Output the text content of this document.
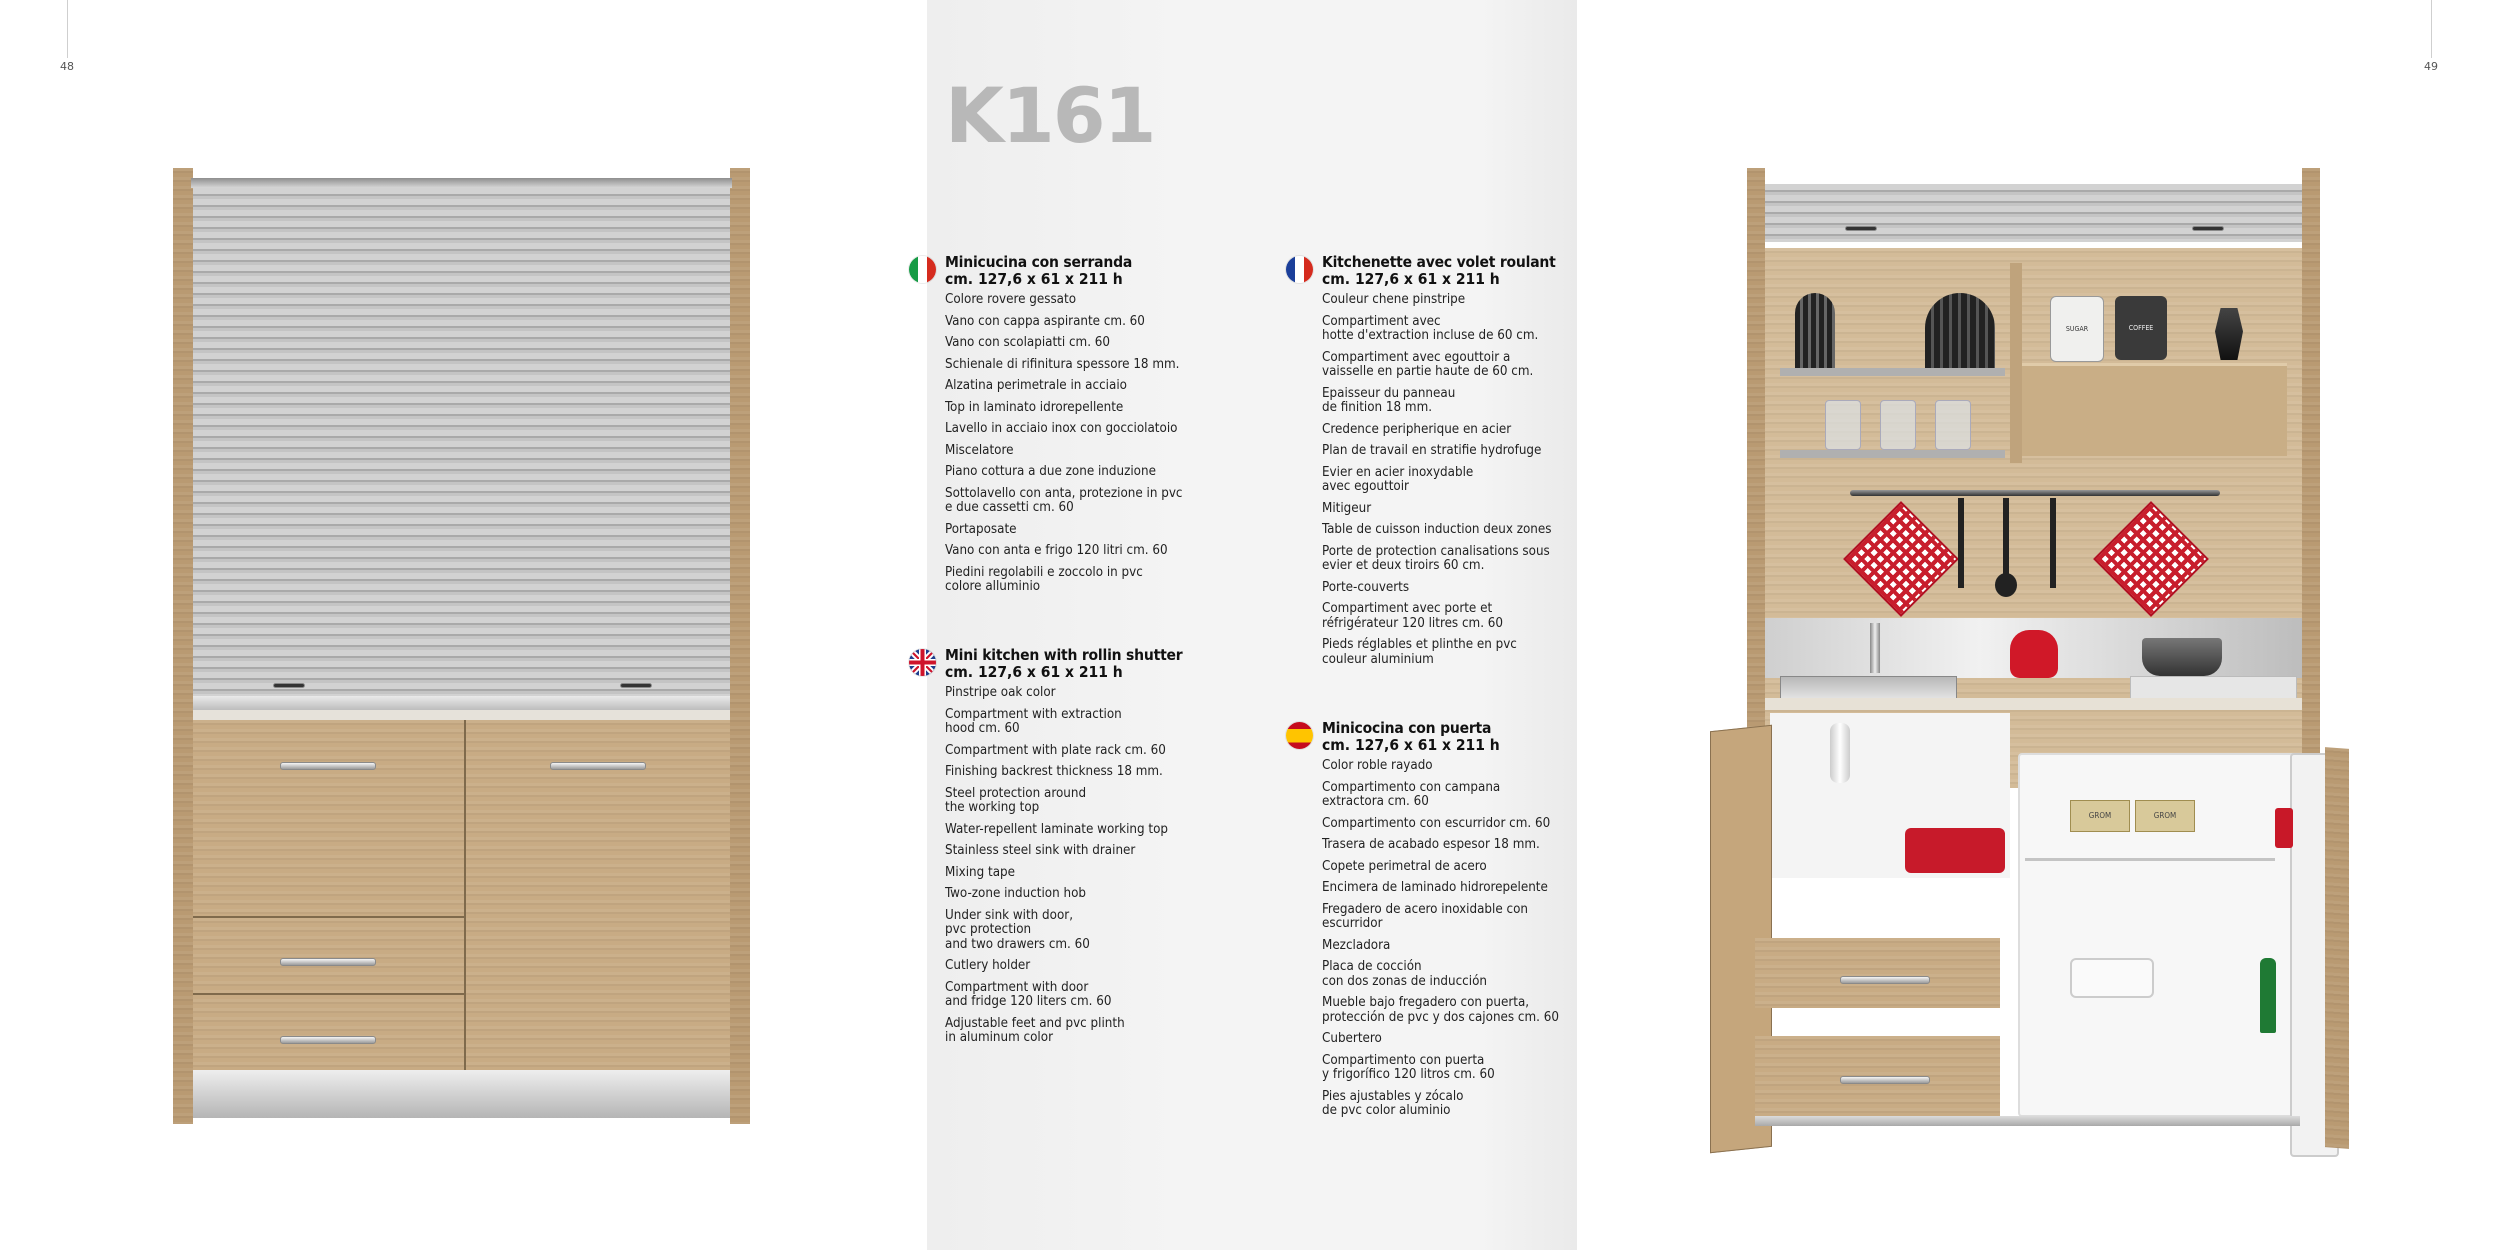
48	49
K161
Minicucina con serranda
cm. 127,6 x 61 x 211 h
Colore rovere gessato
Vano con cappa aspirante cm. 60
Vano con scolapiatti cm. 60
Schienale di rifinitura spessore 18 mm.
Alzatina perimetrale in acciaio
Top in laminato idrorepellente
Lavello in acciaio inox con gocciolatoio
Miscelatore
Piano cottura a due zone induzione
Sottolavello con anta, protezione in pvc
e due cassetti cm. 60
Portaposate
Vano con anta e frigo 120 litri cm. 60
Piedini regolabili e zoccolo in pvc
colore alluminio
Mini kitchen with rollin shutter
cm. 127,6 x 61 x 211 h
Pinstripe oak color
Compartment with extraction
hood cm. 60
Compartment with plate rack cm. 60
Finishing backrest thickness 18 mm.
Steel protection around
the working top
Water-repellent laminate working top
Stainless steel sink with drainer
Mixing tape
Two-zone induction hob
Under sink with door,
pvc protection
and two drawers cm. 60
Cutlery holder
Compartment with door
and fridge 120 liters cm. 60
Adjustable feet and pvc plinth
in aluminum color
Kitchenette avec volet roulant
cm. 127,6 x 61 x 211 h
Couleur chene pinstripe
Compartiment avec
hotte d'extraction incluse de 60 cm.
Compartiment avec egouttoir a
vaisselle en partie haute de 60 cm.
Epaisseur du panneau
de finition 18 mm.
Credence peripherique en acier
Plan de travail en stratifie hydrofuge
Evier en acier inoxydable
avec egouttoir
Mitigeur
Table de cuisson induction deux zones
Porte de protection canalisations sous
evier et deux tiroirs 60 cm.
Porte-couverts
Compartiment avec porte et
réfrigérateur 120 litres cm. 60
Pieds réglables et plinthe en pvc
couleur aluminium
Minicocina con puerta
cm. 127,6 x 61 x 211 h
Color roble rayado
Compartimento con campana
extractora cm. 60
Compartimento con escurridor cm. 60
Trasera de acabado espesor 18 mm.
Copete perimetral de acero
Encimera de laminado hidrorepelente
Fregadero de acero inoxidable con
escurridor
Mezcladora
Placa de cocción
con dos zonas de inducción
Mueble bajo fregadero con puerta,
protección de pvc y dos cajones cm. 60
Cubertero
Compartimento con puerta
y frigorífico 120 litros cm. 60
Pies ajustables y zócalo
de pvc color aluminio
SUGAR	COFFEE
GROM	GROM
